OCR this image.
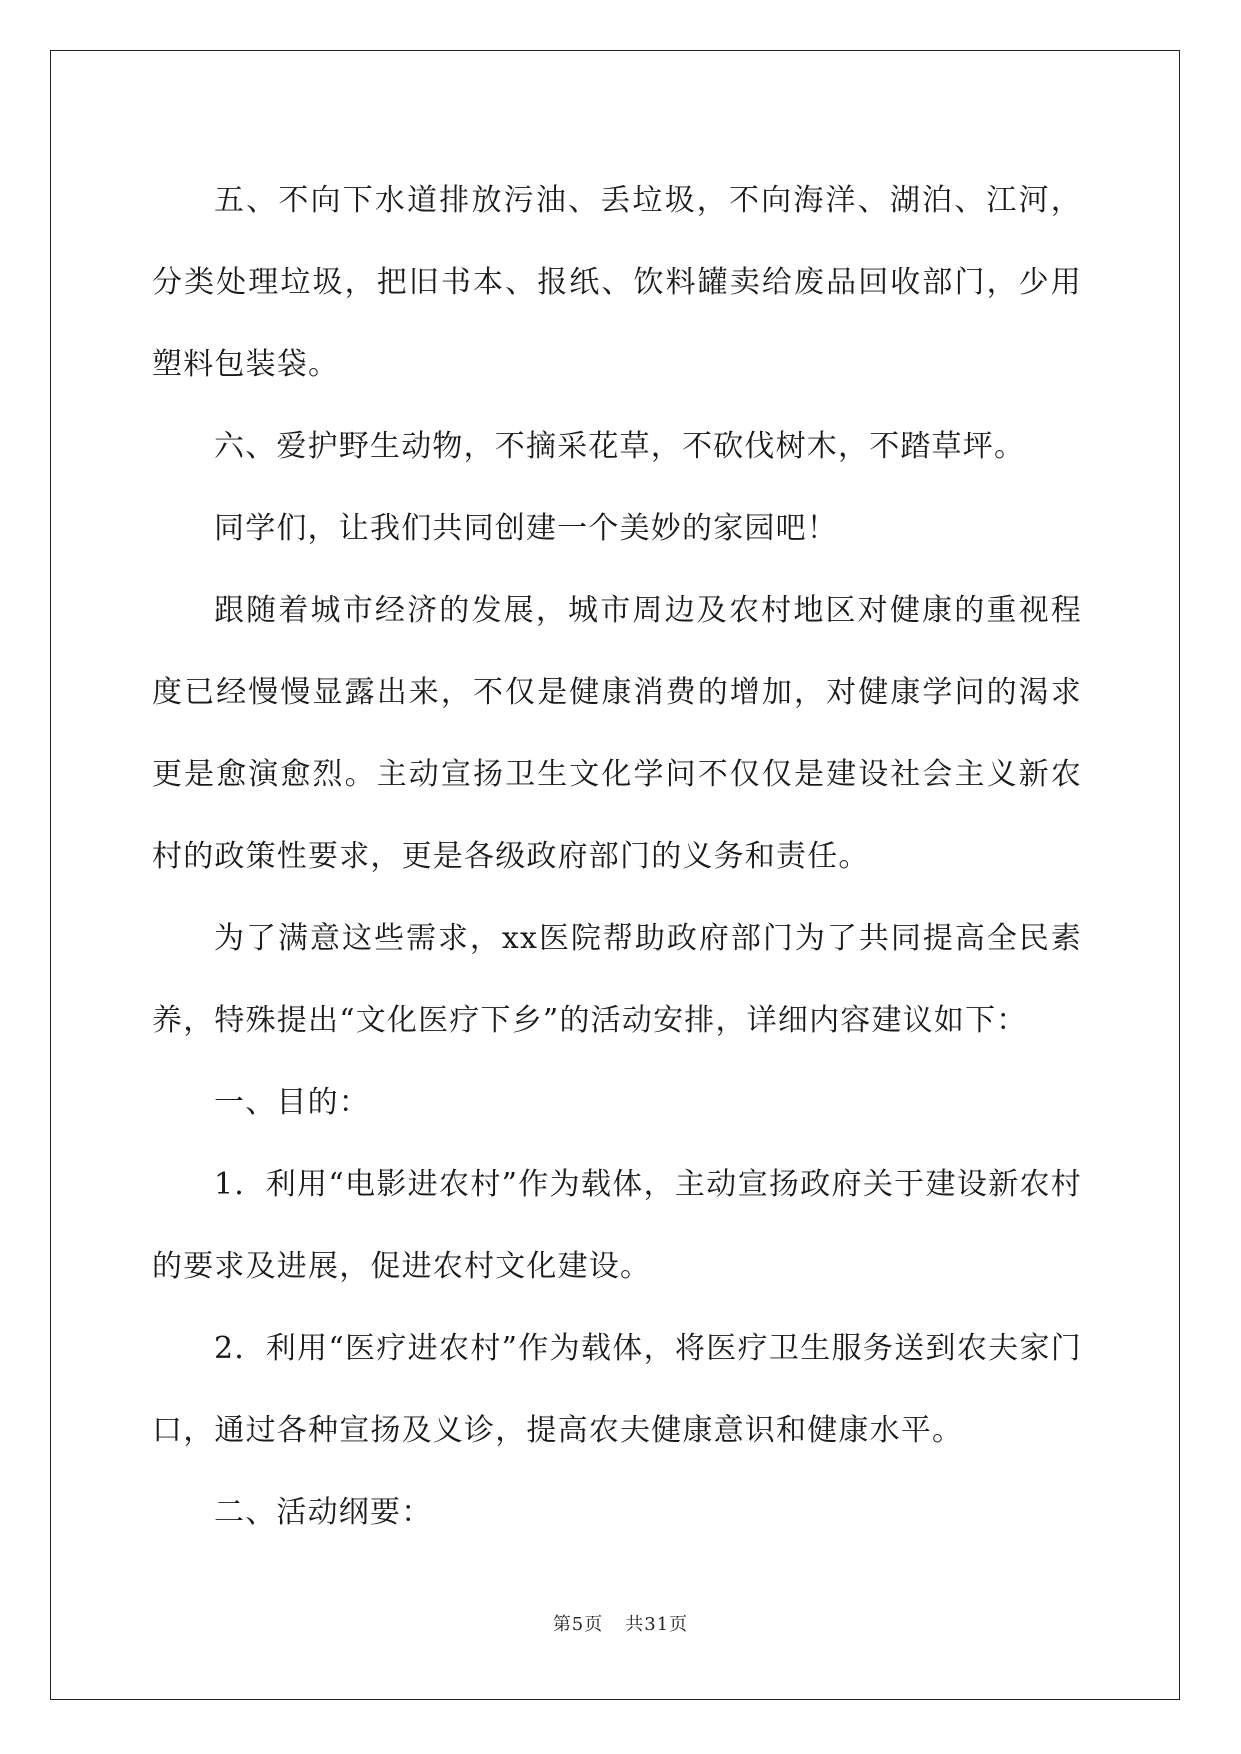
五、不向下水道排放污油、丢垃圾，不向海洋、湖泊、江河，分类处理垃圾，把旧书本、报纸、饮料罐卖给废品回收部门，少用塑料包装袋。

六、爱护野生动物，不摘采花草，不砍伐树木，不踏草坪。

同学们，让我们共同创建一个美妙的家园吧！

跟随着城市经济的发展，城市周边及农村地区对健康的重视程度已经慢慢显露出来，不仅是健康消费的增加，对健康学问的渴求更是愈演愈烈。主动宣扬卫生文化学问不仅仅是建设社会主义新农村的政策性要求，更是各级政府部门的义务和责任。

为了满意这些需求，xx医院帮助政府部门为了共同提高全民素养，特殊提出“文化医疗下乡”的活动安排，详细内容建议如下：

一、目的：

1．利用“电影进农村”作为载体，主动宣扬政府关于建设新农村的要求及进展，促进农村文化建设。

2．利用“医疗进农村”作为载体，将医疗卫生服务送到农夫家门口，通过各种宣扬及义诊，提高农夫健康意识和健康水平。

二、活动纲要：

第5页 共31页
